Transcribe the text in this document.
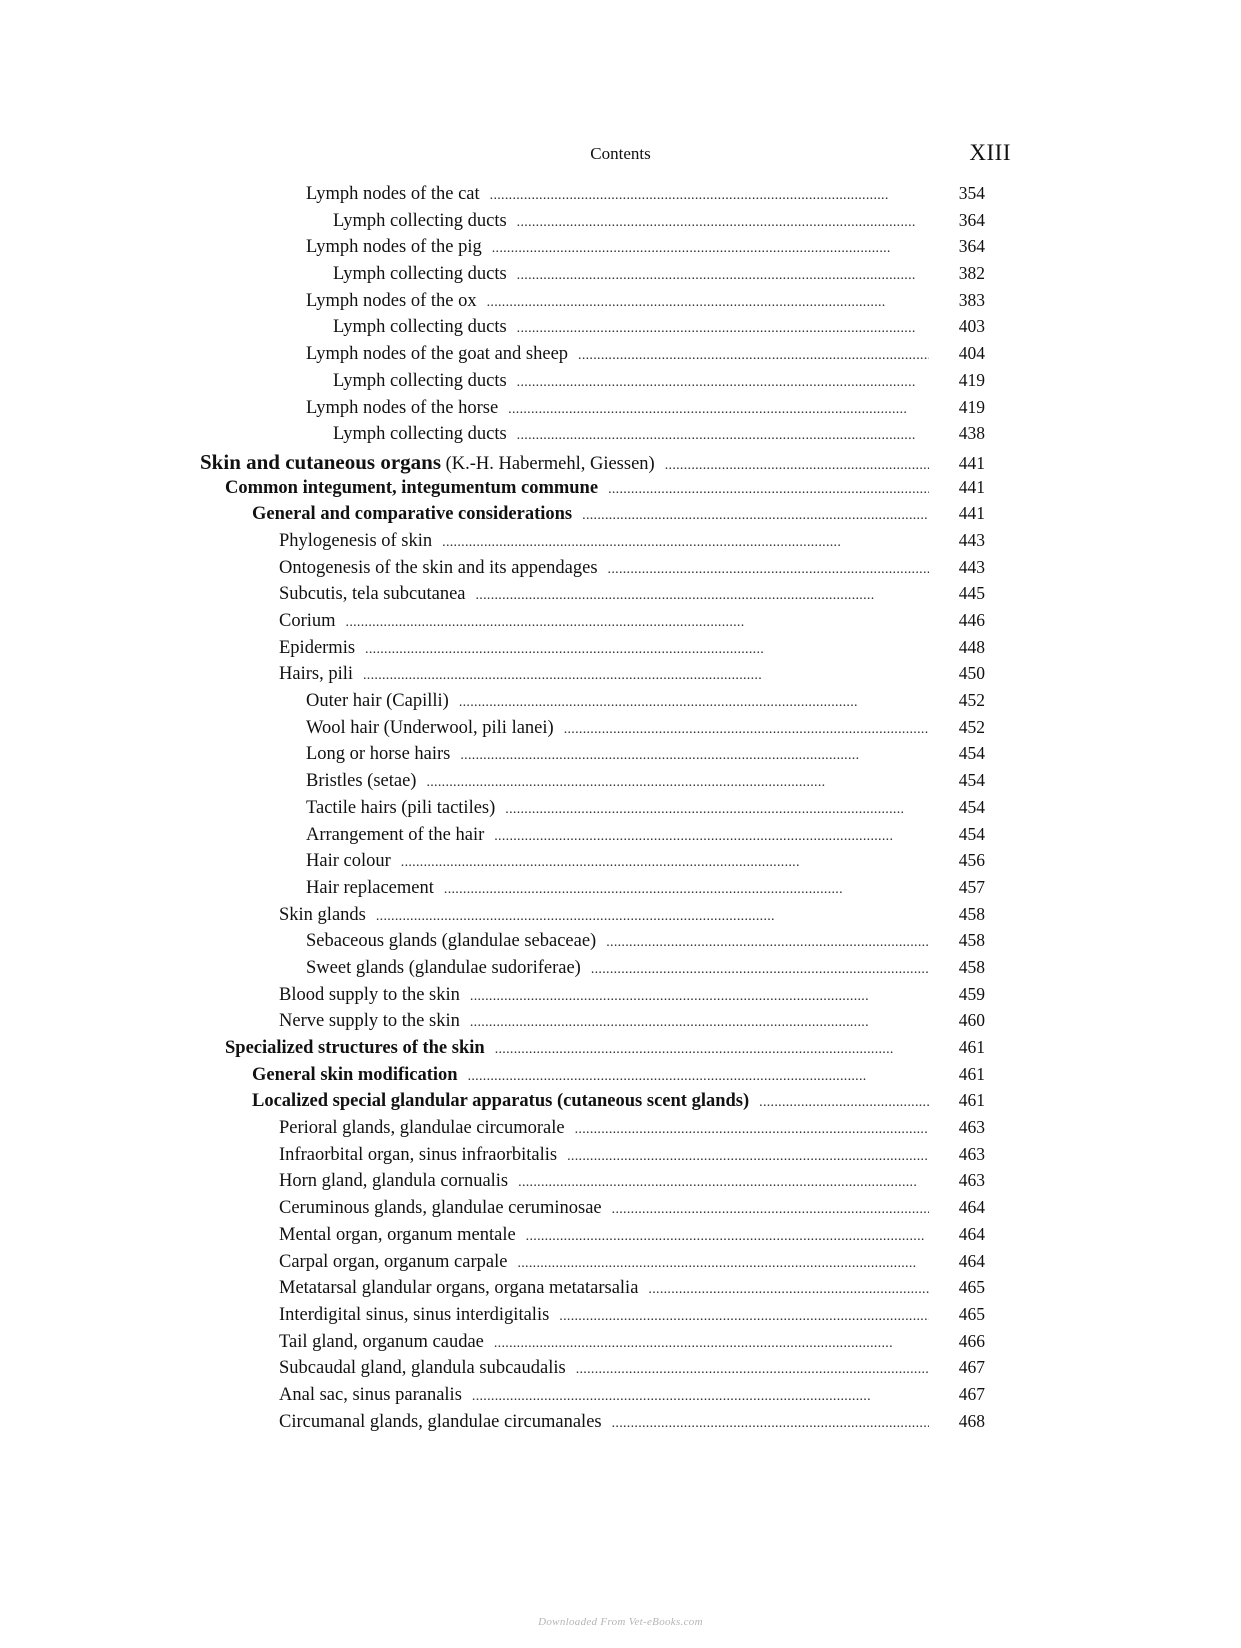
Contents	XIII
Lymph nodes of the cat . . .	354
Lymph collecting ducts . . .	364
Lymph nodes of the pig . . .	364
Lymph collecting ducts . . .	382
Lymph nodes of the ox . . .	383
Lymph collecting ducts . . .	403
Lymph nodes of the goat and sheep . . .	404
Lymph collecting ducts . . .	419
Lymph nodes of the horse . . .	419
Lymph collecting ducts . . .	438
Skin and cutaneous organs (K.-H. Habermehl, Giessen) . . .	441
Common integument, integumentum commune . . .	441
General and comparative considerations . . .	441
Phylogenesis of skin . . .	443
Ontogenesis of the skin and its appendages . . .	443
Subcutis, tela subcutanea . . .	445
Corium . . .	446
Epidermis . . .	448
Hairs, pili . . .	450
Outer hair (Capilli) . . .	452
Wool hair (Underwool, pili lanei) . . .	452
Long or horse hairs . . .	454
Bristles (setae) . . .	454
Tactile hairs (pili tactiles) . . .	454
Arrangement of the hair . . .	454
Hair colour . . .	456
Hair replacement . . .	457
Skin glands . . .	458
Sebaceous glands (glandulae sebaceae) . . .	458
Sweet glands (glandulae sudoriferae) . . .	458
Blood supply to the skin . . .	459
Nerve supply to the skin . . .	460
Specialized structures of the skin . . .	461
General skin modification . . .	461
Localized special glandular apparatus (cutaneous scent glands) . . .	461
Perioral glands, glandulae circumorale . . .	463
Infraorbital organ, sinus infraorbitalis . . .	463
Horn gland, glandula cornualis . . .	463
Ceruminous glands, glandulae ceruminosae . . .	464
Mental organ, organum mentale . . .	464
Carpal organ, organum carpale . . .	464
Metatarsal glandular organs, organa metatarsalia . . .	465
Interdigital sinus, sinus interdigitalis . . .	465
Tail gland, organum caudae . . .	466
Subcaudal gland, glandula subcaudalis . . .	467
Anal sac, sinus paranalis . . .	467
Circumanal glands, glandulae circumanales . . .	468
Downloaded From Vet-eBooks.com
